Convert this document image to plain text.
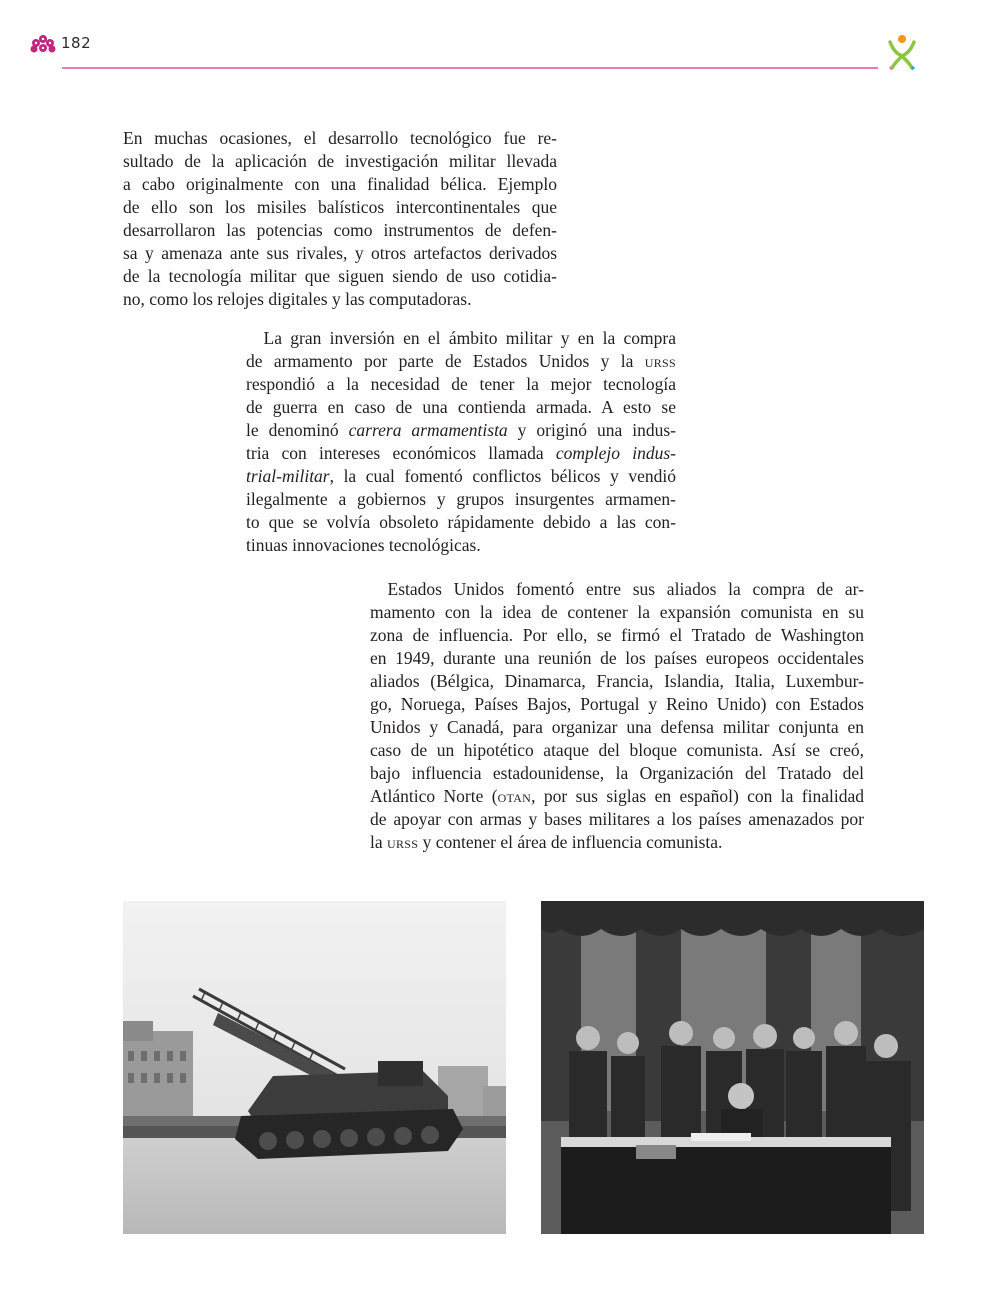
182
En muchas ocasiones, el desarrollo tecnológico fue re-
sultado de la aplicación de investigación militar llevada
a cabo originalmente con una finalidad bélica. Ejemplo
de ello son los misiles balísticos intercontinentales que
desarrollaron las potencias como instrumentos de defen-
sa y amenaza ante sus rivales, y otros artefactos derivados
de la tecnología militar que siguen siendo de uso cotidia-
no, como los relojes digitales y las computadoras.
 La gran inversión en el ámbito militar y en la compra
de armamento por parte de Estados Unidos y la urss
respondió a la necesidad de tener la mejor tecnología
de guerra en caso de una contienda armada. A esto se
le denominó carrera armamentista y originó una indus-
tria con intereses económicos llamada complejo indus-
trial-militar, la cual fomentó conflictos bélicos y vendió
ilegalmente a gobiernos y grupos insurgentes armamen-
to que se volvía obsoleto rápidamente debido a las con-
tinuas innovaciones tecnológicas.
 Estados Unidos fomentó entre sus aliados la compra de ar-
mamento con la idea de contener la expansión comunista en su
zona de influencia. Por ello, se firmó el Tratado de Washington
en 1949, durante una reunión de los países europeos occidentales
aliados (Bélgica, Dinamarca, Francia, Islandia, Italia, Luxembur-
go, Noruega, Países Bajos, Portugal y Reino Unido) con Estados
Unidos y Canadá, para organizar una defensa militar conjunta en
caso de un hipotético ataque del bloque comunista. Así se creó,
bajo influencia estadounidense, la Organización del Tratado del
Atlántico Norte (otan, por sus siglas en español) con la finalidad
de apoyar con armas y bases militares a los países amenazados por
la urss y contener el área de influencia comunista.
